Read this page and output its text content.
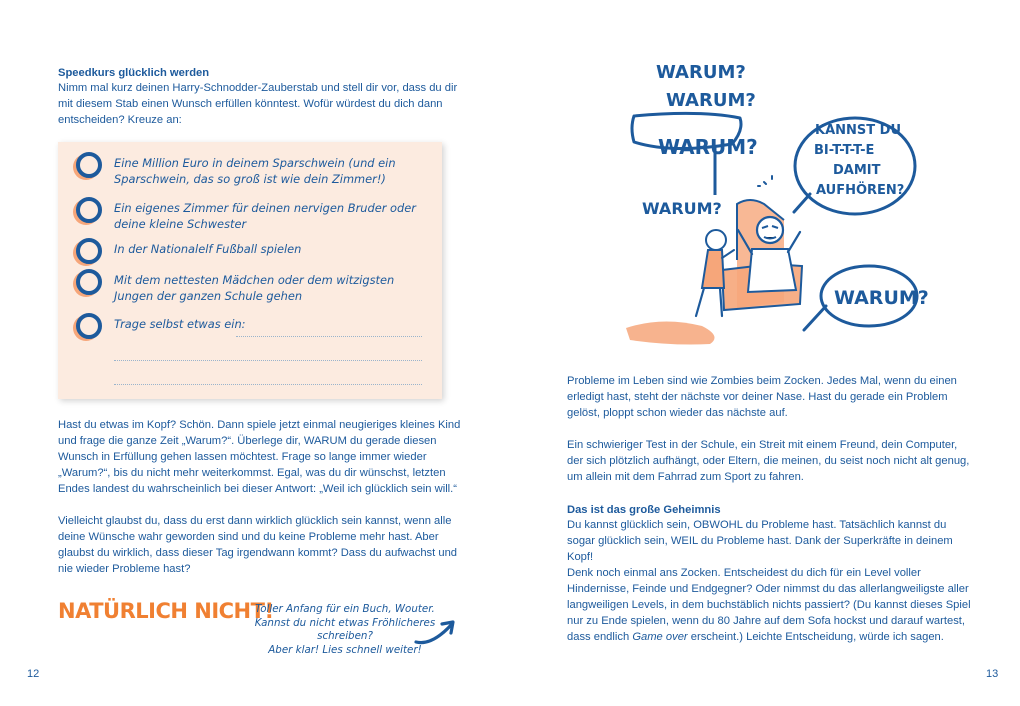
Speedkurs glücklich werden
Nimm mal kurz deinen Harry-Schnodder-Zauberstab und stell dir vor, dass du dir mit diesem Stab einen Wunsch erfüllen könntest. Wofür würdest du dich dann entscheiden? Kreuze an:
Eine Million Euro in deinem Sparschwein (und ein Sparschwein, das so groß ist wie dein Zimmer!)
Ein eigenes Zimmer für deinen nervigen Bruder oder deine kleine Schwester
In der Nationalelf Fußball spielen
Mit dem nettesten Mädchen oder dem witzigsten Jungen der ganzen Schule gehen
Trage selbst etwas ein:
Hast du etwas im Kopf? Schön. Dann spiele jetzt einmal neugieriges kleines Kind und frage die ganze Zeit „Warum?“. Überlege dir, WARUM du gerade diesen Wunsch in Erfüllung gehen lassen möchtest. Frage so lange immer wieder „Warum?“, bis du nicht mehr weiterkommst. Egal, was du dir wünschst, letzten Endes landest du wahrscheinlich bei dieser Antwort: „Weil ich glücklich sein will.“
Vielleicht glaubst du, dass du erst dann wirklich glücklich sein kannst, wenn alle deine Wünsche wahr geworden sind und du keine Probleme mehr hast. Aber glaubst du wirklich, dass dieser Tag irgendwann kommt? Dass du aufwachst und nie wieder Probleme hast?
NATÜRLICH NICHT!
Toller Anfang für ein Buch, Wouter.
Kannst du nicht etwas Fröhlicheres schreiben?
Aber klar! Lies schnell weiter!
12
WARUM?
WARUM?
WARUM?
WARUM?
KANNST DU
BI-T-T-T-E
DAMIT
AUFHÖREN?
WARUM?
Probleme im Leben sind wie Zombies beim Zocken. Jedes Mal, wenn du einen erledigt hast, steht der nächste vor deiner Nase. Hast du gerade ein Problem gelöst, ploppt schon wieder das nächste auf.
Ein schwieriger Test in der Schule, ein Streit mit einem Freund, dein Computer, der sich plötzlich aufhängt, oder Eltern, die meinen, du seist noch nicht alt genug, um allein mit dem Fahrrad zum Sport zu fahren.
Das ist das große Geheimnis
Du kannst glücklich sein, OBWOHL du Probleme hast. Tatsächlich kannst du sogar glücklich sein, WEIL du Probleme hast. Dank der Superkräfte in deinem Kopf!
Denk noch einmal ans Zocken. Entscheidest du dich für ein Level voller Hindernisse, Feinde und Endgegner? Oder nimmst du das allerlangweiligste aller langweiligen Levels, in dem buchstäblich nichts passiert? (Du kannst dieses Spiel nur zu Ende spielen, wenn du 80 Jahre auf dem Sofa hockst und darauf wartest, dass endlich Game over erscheint.) Leichte Entscheidung, würde ich sagen.
13
